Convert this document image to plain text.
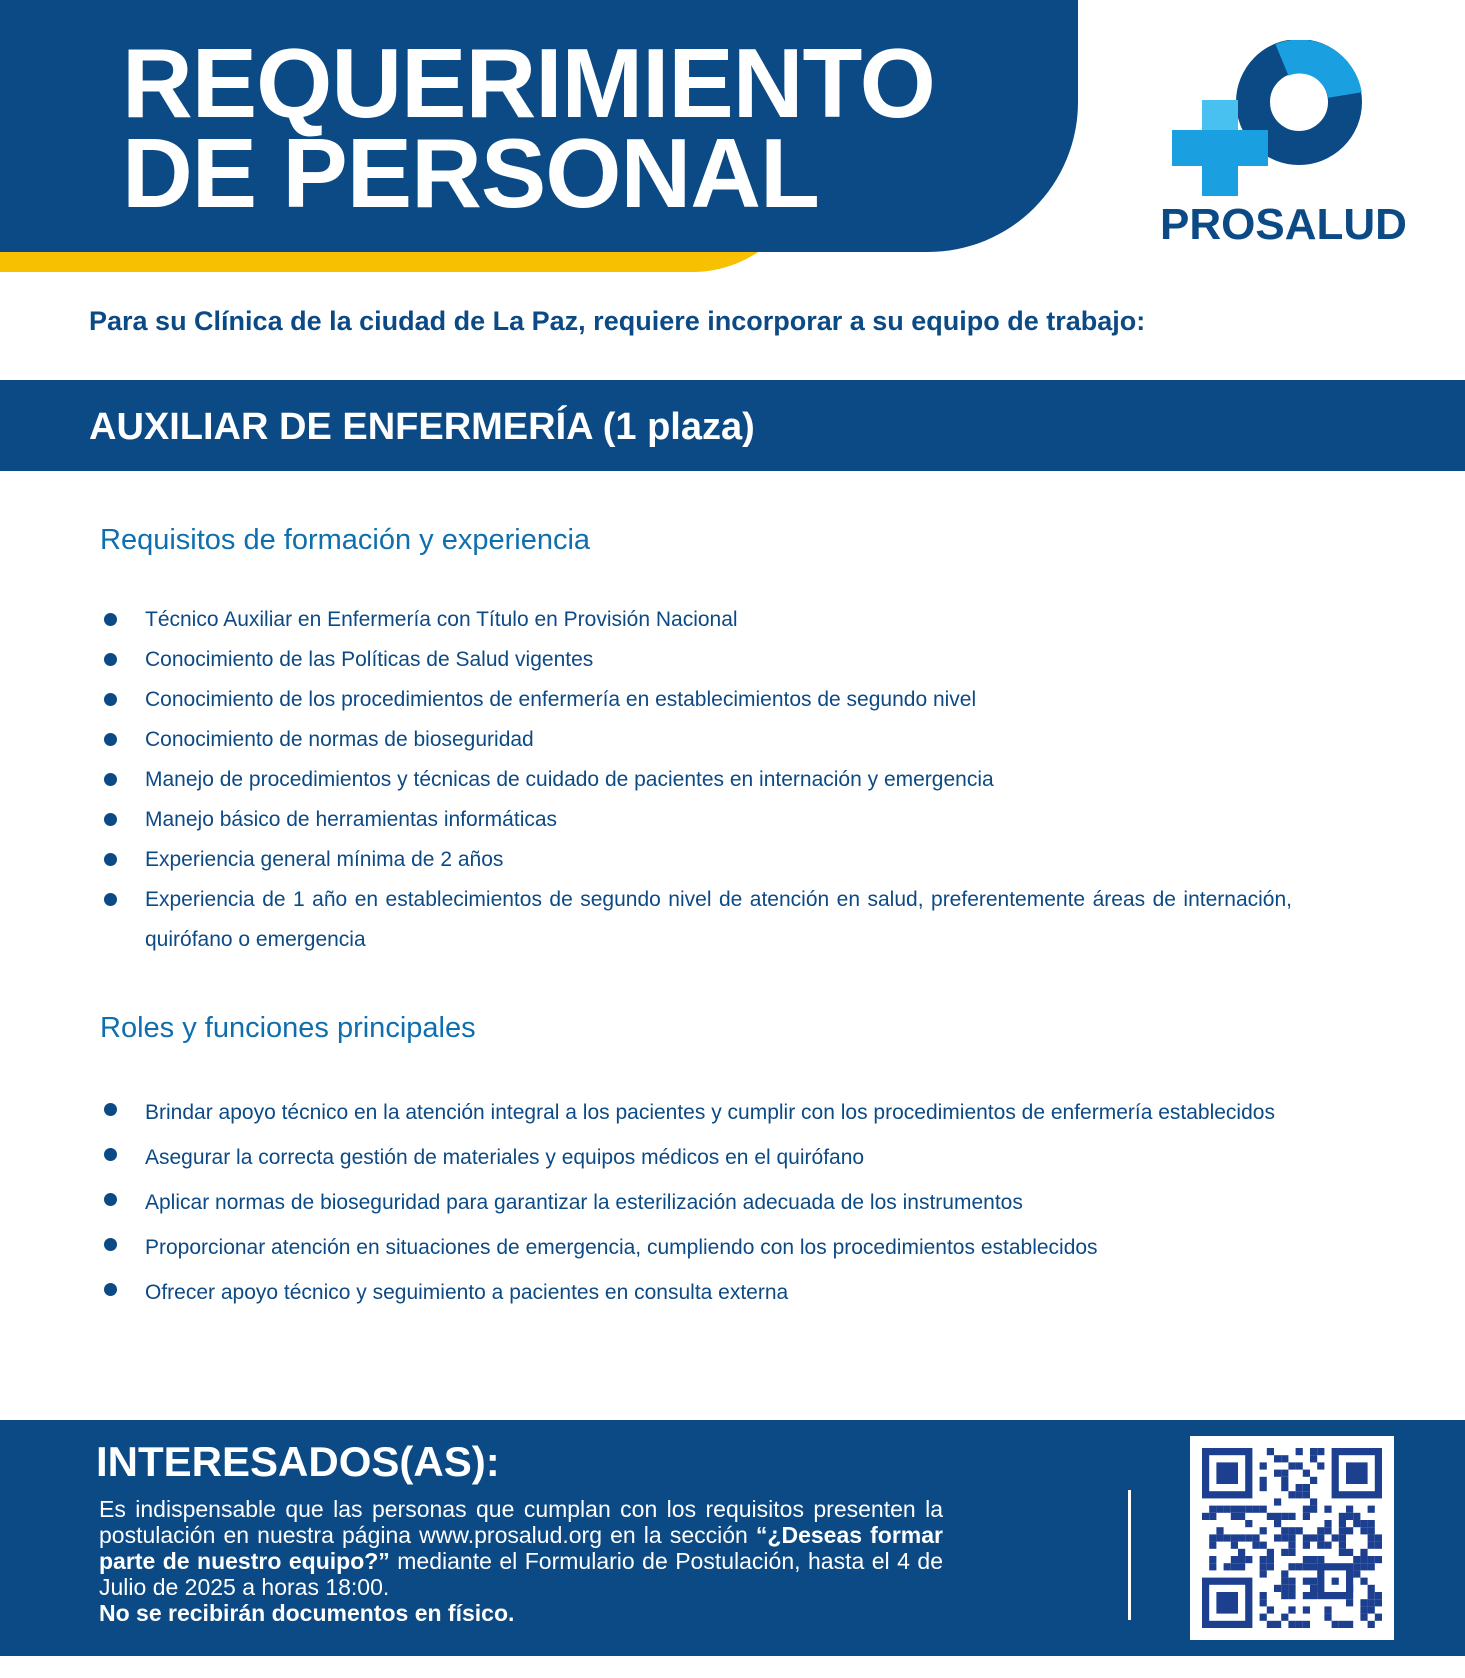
REQUERIMIENTO
DE PERSONAL	PROSALUD
Para su Clínica de la ciudad de La Paz, requiere incorporar a su equipo de trabajo:
AUXILIAR DE ENFERMERÍA (1 plaza)
Requisitos de formación y experiencia
Técnico Auxiliar en Enfermería con Título en Provisión Nacional
Conocimiento de las Políticas de Salud vigentes
Conocimiento de los procedimientos de enfermería en establecimientos de segundo nivel
Conocimiento de normas de bioseguridad
Manejo de procedimientos y técnicas de cuidado de pacientes en internación y emergencia
Manejo básico de herramientas informáticas
Experiencia general mínima de 2 años
Experiencia de 1 año en establecimientos de segundo nivel de atención en salud, preferentemente áreas de internación, quirófano o emergencia
Roles y funciones principales
Brindar apoyo técnico en la atención integral a los pacientes y cumplir con los procedimientos de enfermería establecidos
Asegurar la correcta gestión de materiales y equipos médicos en el quirófano
Aplicar normas de bioseguridad para garantizar la esterilización adecuada de los instrumentos
Proporcionar atención en situaciones de emergencia, cumpliendo con los procedimientos establecidos
Ofrecer apoyo técnico y seguimiento a pacientes en consulta externa
INTERESADOS(AS):
Es indispensable que las personas que cumplan con los requisitos presenten la postulación en nuestra página www.prosalud.org en la sección “¿Deseas formar parte de nuestro equipo?” mediante el Formulario de Postulación, hasta el 4 de Julio de 2025 a horas 18:00.
No se recibirán documentos en físico.
